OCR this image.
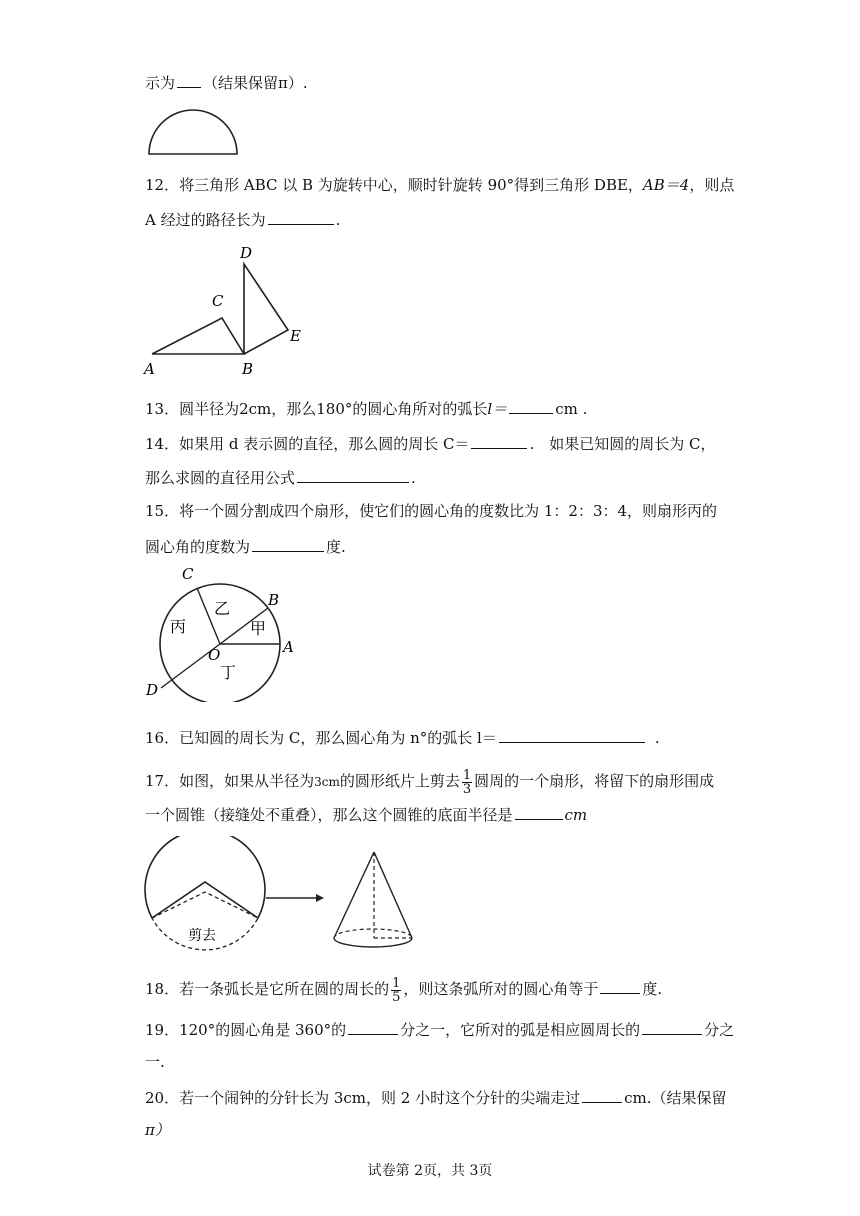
示为 （结果保留π）.
12．将三角形 ABC 以 B 为旋转中心，顺时针旋转 90°得到三角形 DBE，AB＝4，则点
A 经过的路径长为	.
A	B
C
D
E
13．圆半径为2cm，那么180°的圆心角所对的弧长l＝	cm .
14．如果用 d 表示圆的直径，那么圆的周长 C＝	.　如果已知圆的周长为 C，
那么求圆的直径用公式	.
15．将一个圆分割成四个扇形，使它们的圆心角的度数比为 1：2：3：4，则扇形丙的
圆心角的度数为	度.
A
B
C
D
O
甲
乙
丙
丁
16．已知圆的周长为 C，那么圆心角为 n°的弧长 l＝	.
17．如图，如果从半径为3cm的圆形纸片上剪去 $\frac{1}{3}$ 圆周的一个扇形，将留下的扇形围成
一个圆锥（接缝处不重叠），那么这个圆锥的底面半径是	cm
剪去
18．若一条弧长是它所在圆的周长的 $\frac{1}{5}$ ，则这条弧所对的圆心角等于	度.
19．120°的圆心角是 360°的	分之一，它所对的弧是相应圆周长的	分之
一.
20．若一个闹钟的分针长为 3cm，则 2 小时这个分针的尖端走过	cm.（结果保留
π）
试卷第 2页，共 3页
